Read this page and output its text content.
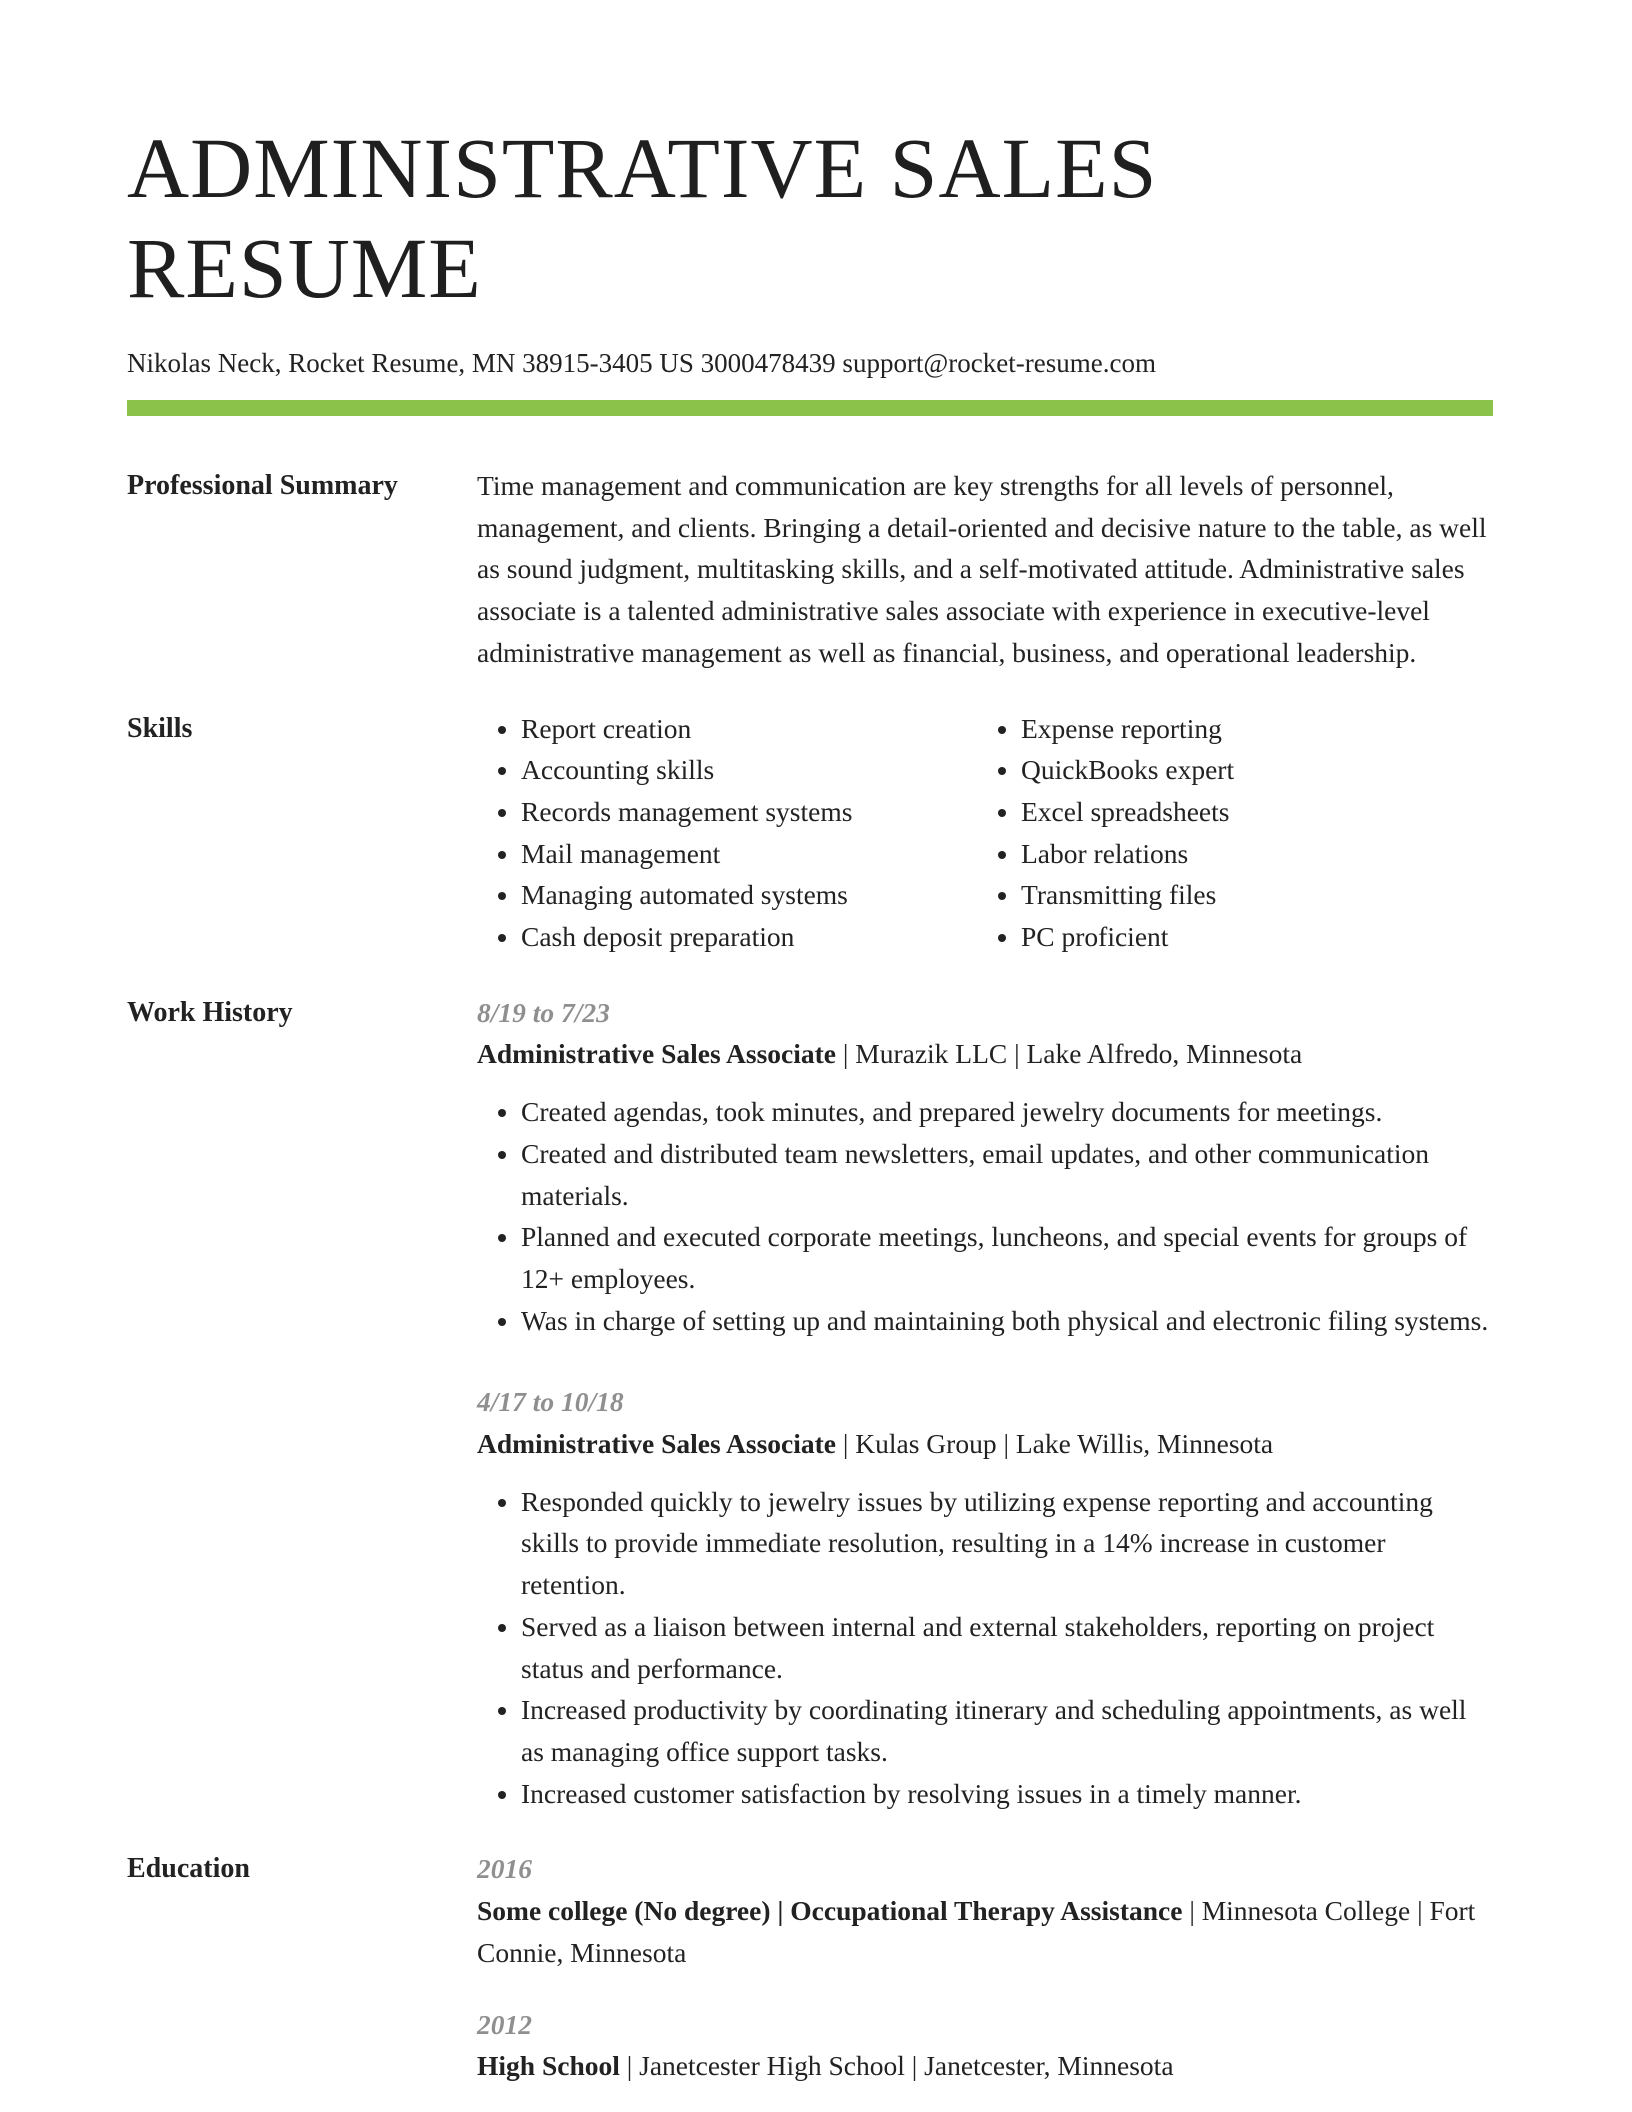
ADMINISTRATIVE SALES RESUME
Nikolas Neck, Rocket Resume, MN 38915-3405 US 3000478439 support@rocket-resume.com
Professional Summary	Time management and communication are key strengths for all levels of personnel, management, and clients. Bringing a detail-oriented and decisive nature to the table, as well as sound judgment, multitasking skills, and a self-motivated attitude. Administrative sales associate is a talented administrative sales associate with experience in executive-level administrative management as well as financial, business, and operational leadership.

Skills
•	Report creation
• Accounting skills
• Records management systems
• Mail management
• Managing automated systems
• Cash deposit preparation
• Expense reporting
• QuickBooks expert
• Excel spreadsheets
• Labor relations
• Transmitting files
• PC proficient
Work History	8/19 to 7/23
Administrative Sales Associate | Murazik LLC | Lake Alfredo, Minnesota
• Created agendas, took minutes, and prepared jewelry documents for meetings.
• Created and distributed team newsletters, email updates, and other communication materials.
• Planned and executed corporate meetings, luncheons, and special events for groups of 12+ employees.
• Was in charge of setting up and maintaining both physical and electronic filing systems.
4/17 to 10/18
Administrative Sales Associate | Kulas Group | Lake Willis, Minnesota
• Responded quickly to jewelry issues by utilizing expense reporting and accounting skills to provide immediate resolution, resulting in a 14% increase in customer retention.
• Served as a liaison between internal and external stakeholders, reporting on project status and performance.
• Increased productivity by coordinating itinerary and scheduling appointments, as well as managing office support tasks.
• Increased customer satisfaction by resolving issues in a timely manner.
Education	2016
Some college (No degree) | Occupational Therapy Assistance | Minnesota College | Fort Connie, Minnesota
2012
High School | Janetcester High School | Janetcester, Minnesota
